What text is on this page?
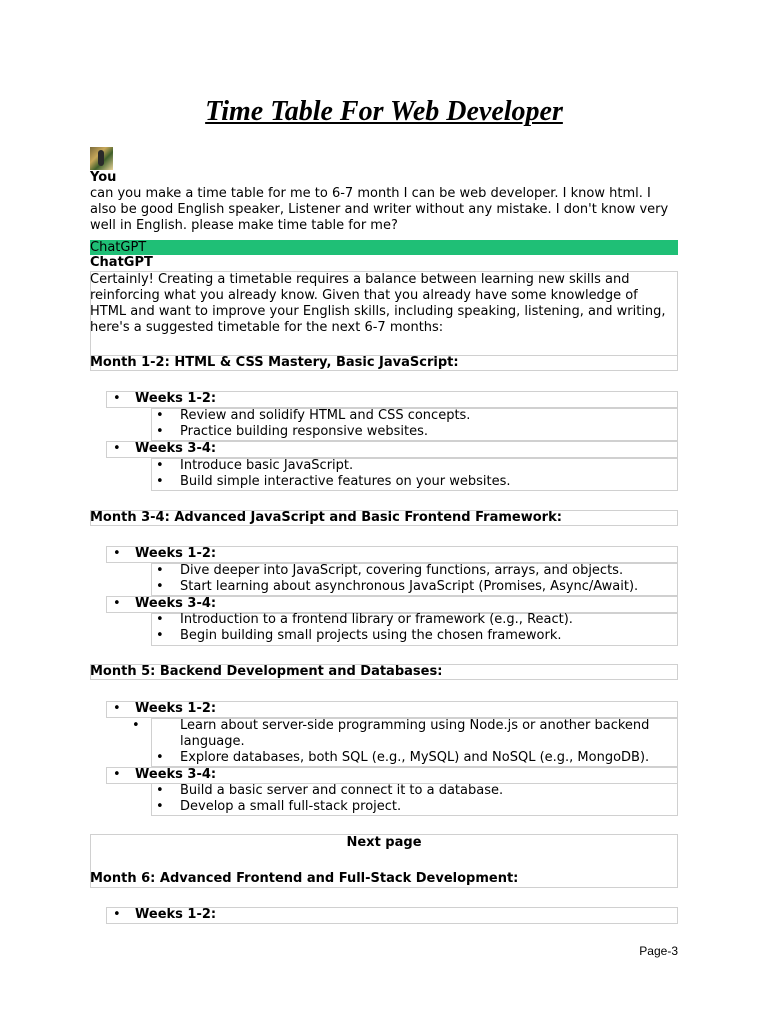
Time Table For Web Developer
You
can you make a time table for me to 6-7 month I can be web developer. I know html. I also be good English speaker, Listener and writer without any mistake. I don't know very well in English. please make time table for me?
ChatGPT
ChatGPT
Certainly! Creating a timetable requires a balance between learning new skills and reinforcing what you already know. Given that you already have some knowledge of HTML and want to improve your English skills, including speaking, listening, and writing, here's a suggested timetable for the next 6-7 months:
Month 1-2: HTML & CSS Mastery, Basic JavaScript:
• Weeks 1-2:
• Review and solidify HTML and CSS concepts.
• Practice building responsive websites.
• Weeks 3-4:
• Introduce basic JavaScript.
• Build simple interactive features on your websites.
Month 3-4: Advanced JavaScript and Basic Frontend Framework:
• Weeks 1-2:
• Dive deeper into JavaScript, covering functions, arrays, and objects.
• Start learning about asynchronous JavaScript (Promises, Async/Await).
• Weeks 3-4:
• Introduction to a frontend library or framework (e.g., React).
• Begin building small projects using the chosen framework.
Month 5: Backend Development and Databases:
• Weeks 1-2:
•	Learn about server-side programming using Node.js or another backend language.
• Explore databases, both SQL (e.g., MySQL) and NoSQL (e.g., MongoDB).
• Weeks 3-4:
• Build a basic server and connect it to a database.
• Develop a small full-stack project.
Next page
Month 6: Advanced Frontend and Full-Stack Development:
• Weeks 1-2:
Page-3
